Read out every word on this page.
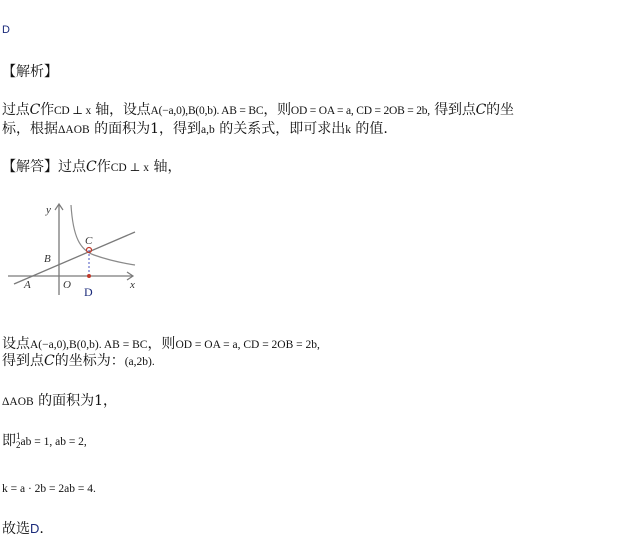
D
【解析】
过点C作CD ⊥ x 轴，设点A(−a,0),B(0,b). AB = BC，则OD = OA = a, CD = 2OB = 2b, 得到点C的坐
标，根据ΔAOB 的面积为1，得到a,b 的关系式，即可求出k 的值.
【解答】过点C作CD ⊥ x 轴，
y
x
A	O
B
C
D
设点A(−a,0),B(0,b). AB = BC，则OD = OA = a, CD = 2OB = 2b,
得到点C的坐标为：(a,2b).
ΔAOB 的面积为1，
即 1
2 ab = 1, ab = 2,
k = a · 2b = 2ab = 4.
故选D.
